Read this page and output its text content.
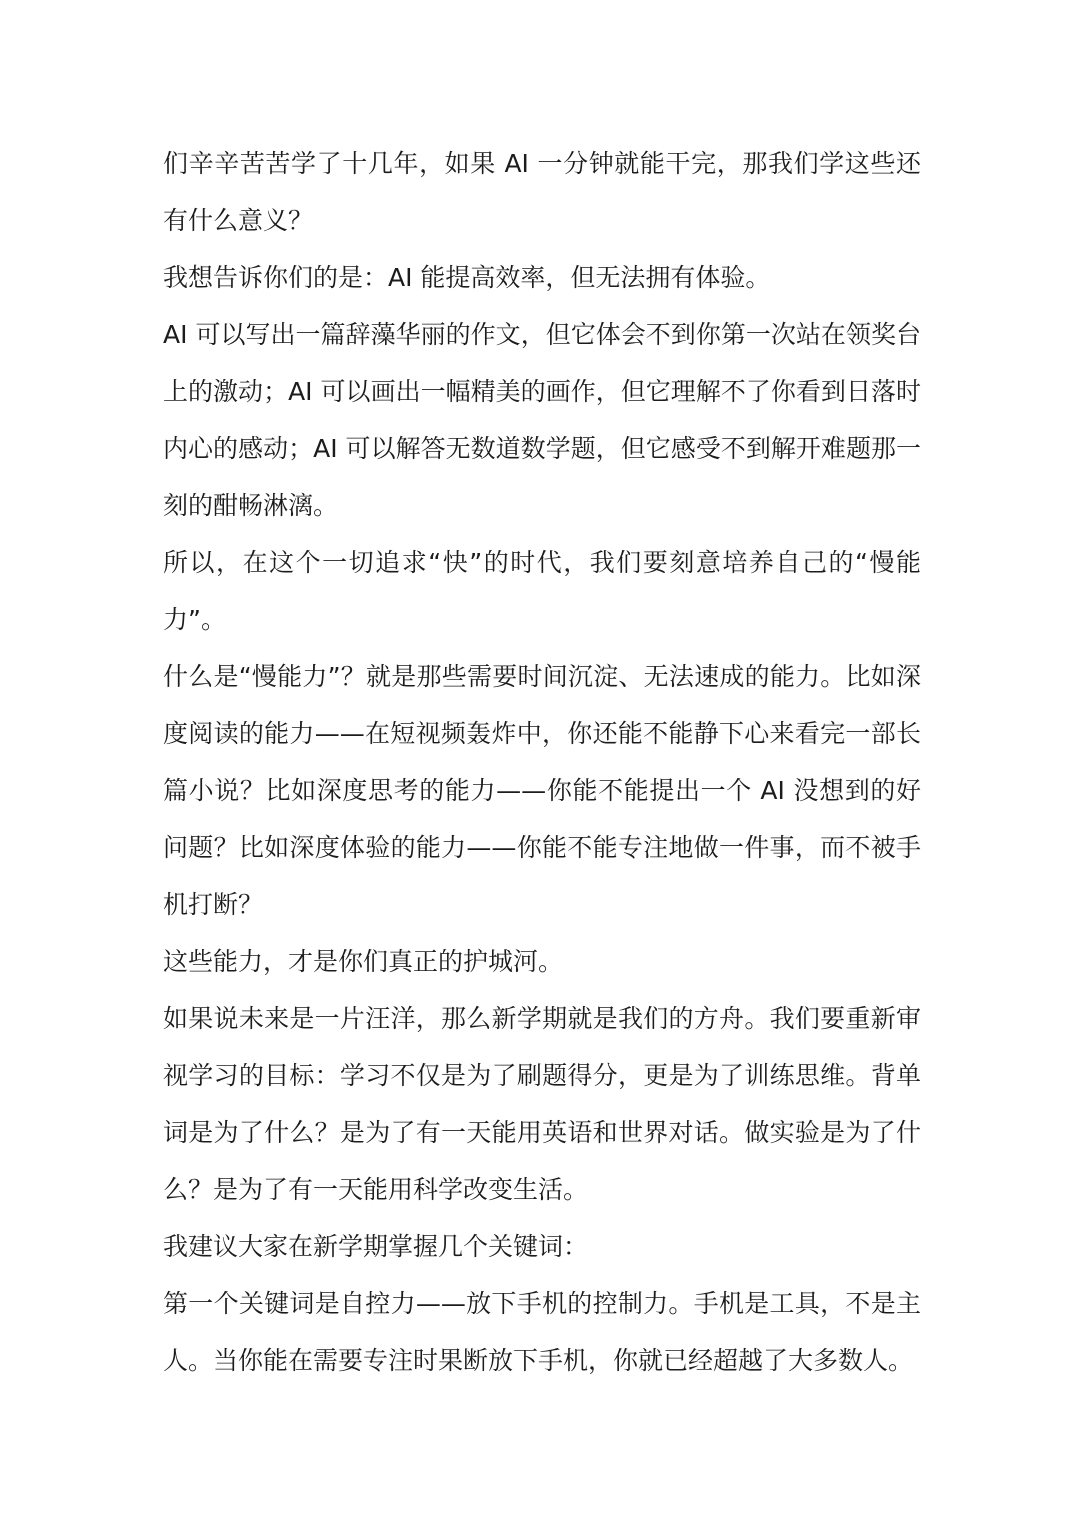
们辛辛苦苦学了十几年，如果 AI 一分钟就能干完，那我们学这些还有什么意义？

我想告诉你们的是：AI 能提高效率，但无法拥有体验。

AI 可以写出一篇辞藻华丽的作文，但它体会不到你第一次站在领奖台上的激动；AI 可以画出一幅精美的画作，但它理解不了你看到日落时内心的感动；AI 可以解答无数道数学题，但它感受不到解开难题那一刻的酣畅淋漓。

所以，在这个一切追求“快”的时代，我们要刻意培养自己的“慢能力”。

什么是“慢能力”？就是那些需要时间沉淀、无法速成的能力。比如深度阅读的能力——在短视频轰炸中，你还能不能静下心来看完一部长篇小说？比如深度思考的能力——你能不能提出一个 AI 没想到的好问题？比如深度体验的能力——你能不能专注地做一件事，而不被手机打断？

这些能力，才是你们真正的护城河。

如果说未来是一片汪洋，那么新学期就是我们的方舟。我们要重新审视学习的目标：学习不仅是为了刷题得分，更是为了训练思维。背单词是为了什么？是为了有一天能用英语和世界对话。做实验是为了什么？是为了有一天能用科学改变生活。

我建议大家在新学期掌握几个关键词：

第一个关键词是自控力——放下手机的控制力。手机是工具，不是主人。当你能在需要专注时果断放下手机，你就已经超越了大多数人。
